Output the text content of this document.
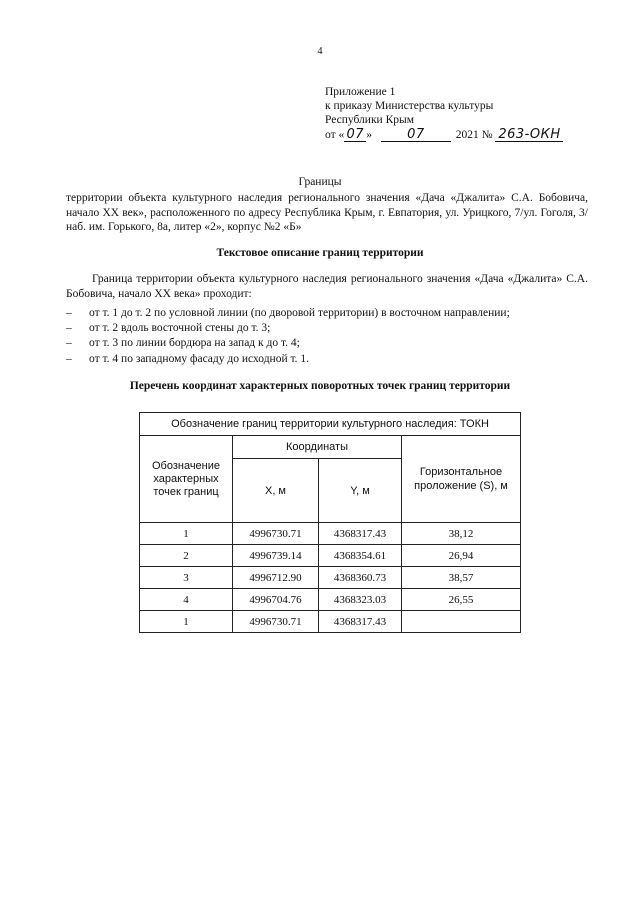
4
Приложение 1
к приказу Министерства культуры
Республики Крым
от « 07 »	07	2021 № 263-ОКН
Границы
территории объекта культурного наследия регионального значения «Дача «Джалита» С.А. Бобовича, начало XX век», расположенного по адресу Республика Крым, г. Евпатория, ул. Урицкого, 7/ул. Гоголя, 3/наб. им. Горького, 8а, литер «2», корпус №2 «Б»
Текстовое описание границ территории
Граница территории объекта культурного наследия регионального значения «Дача «Джалита» С.А. Бобовича, начало XX века» проходит:
– от т. 1 до т. 2 по условной линии (по дворовой территории) в восточном направлении;
– от т. 2 вдоль восточной стены до т. 3;
– от т. 3 по линии бордюра на запад к до т. 4;
– от т. 4 по западному фасаду до исходной т. 1.
Перечень координат характерных поворотных точек границ территории
Обозначение границ территории культурного наследия: ТОКН			
Обозначение характерных точек границ	Координаты		Горизонтальное проложение (S), м
	X, м	Y, м	
1	4996730.71	4368317.43	38,12
2	4996739.14	4368354.61	26,94
3	4996712.90	4368360.73	38,57
4	4996704.76	4368323.03	26,55
1	4996730.71	4368317.43	
